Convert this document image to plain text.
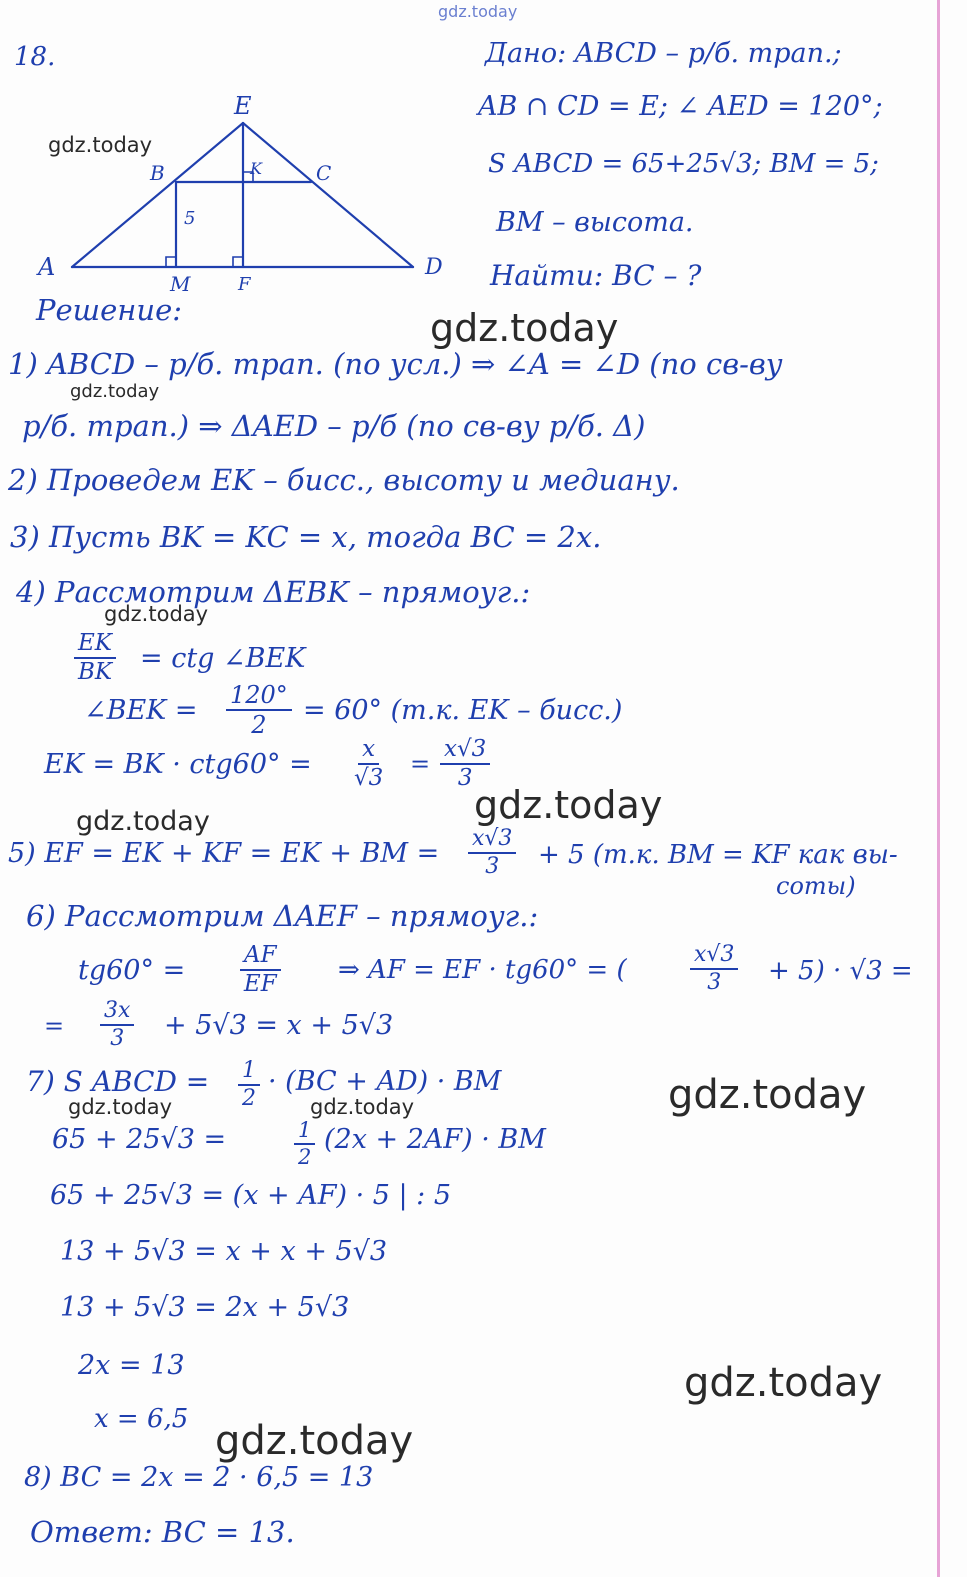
E
B	C
K
A	D
M	F
5
18.	Дано: ABCD – р/б. трап.;
AB ∩ CD = E; ∠ AED = 120°;
S ABCD = 65+25√3; BM = 5;
BM – высота.
Найти: BC – ?
Решение:
1) ABCD – р/б. трап. (по усл.) ⇒ ∠A = ∠D (по св-ву
р/б. трап.) ⇒ ΔAED – р/б (по св-ву р/б. Δ)
2) Проведем EK – бисс., высоту и медиану.
3) Пусть BK = KC = x, тогда BC = 2x.
4) Рассмотрим ΔEBK – прямоуг.:
$\frac{EK}{BK}$ = ctg ∠BEK
∠BEK = $\frac{120^\circ}{2} = 60^\circ$ (т.к. EK – бисс.)
EK = BK · $ctg60^\circ = \frac{x}{√3} = \frac{x√3}{3}$
5) EF = EK + KF = EK + BM = $\frac{x√3}{3} + 5$ (т.к. BM = KF как вы-
соты)
6) Рассмотрим ΔAEF – прямоуг.:
$tg60^\circ = \frac{AF}{EF}$ ⇒ AF = EF · tg60° = (	$\frac{x√3}{3} + 5) \cdot √3$ =
= $\frac{3x}{3} + 5√3 = x + 5√3$
7) S ABCD = $\frac{1}{2} \cdot (BC + AD)$ · BM
65 + 25√3 =	$\frac{1}{2} (2x + 2AF)$ · BM
65 + 25√3 = (x + AF) · 5 | : 5
13 + 5√3 = x + x + 5√3
13 + 5√3 = 2x + 5√3
2x = 13
x = 6,5
8) BC = 2x = 2 · 6,5 = 13
Ответ: BC = 13.
gdz.today
gdz.today
gdz.today
gdz.today
gdz.today
gdz.today
gdz.today
gdz.today
gdz.today	gdz.today
gdz.today
gdz.today
